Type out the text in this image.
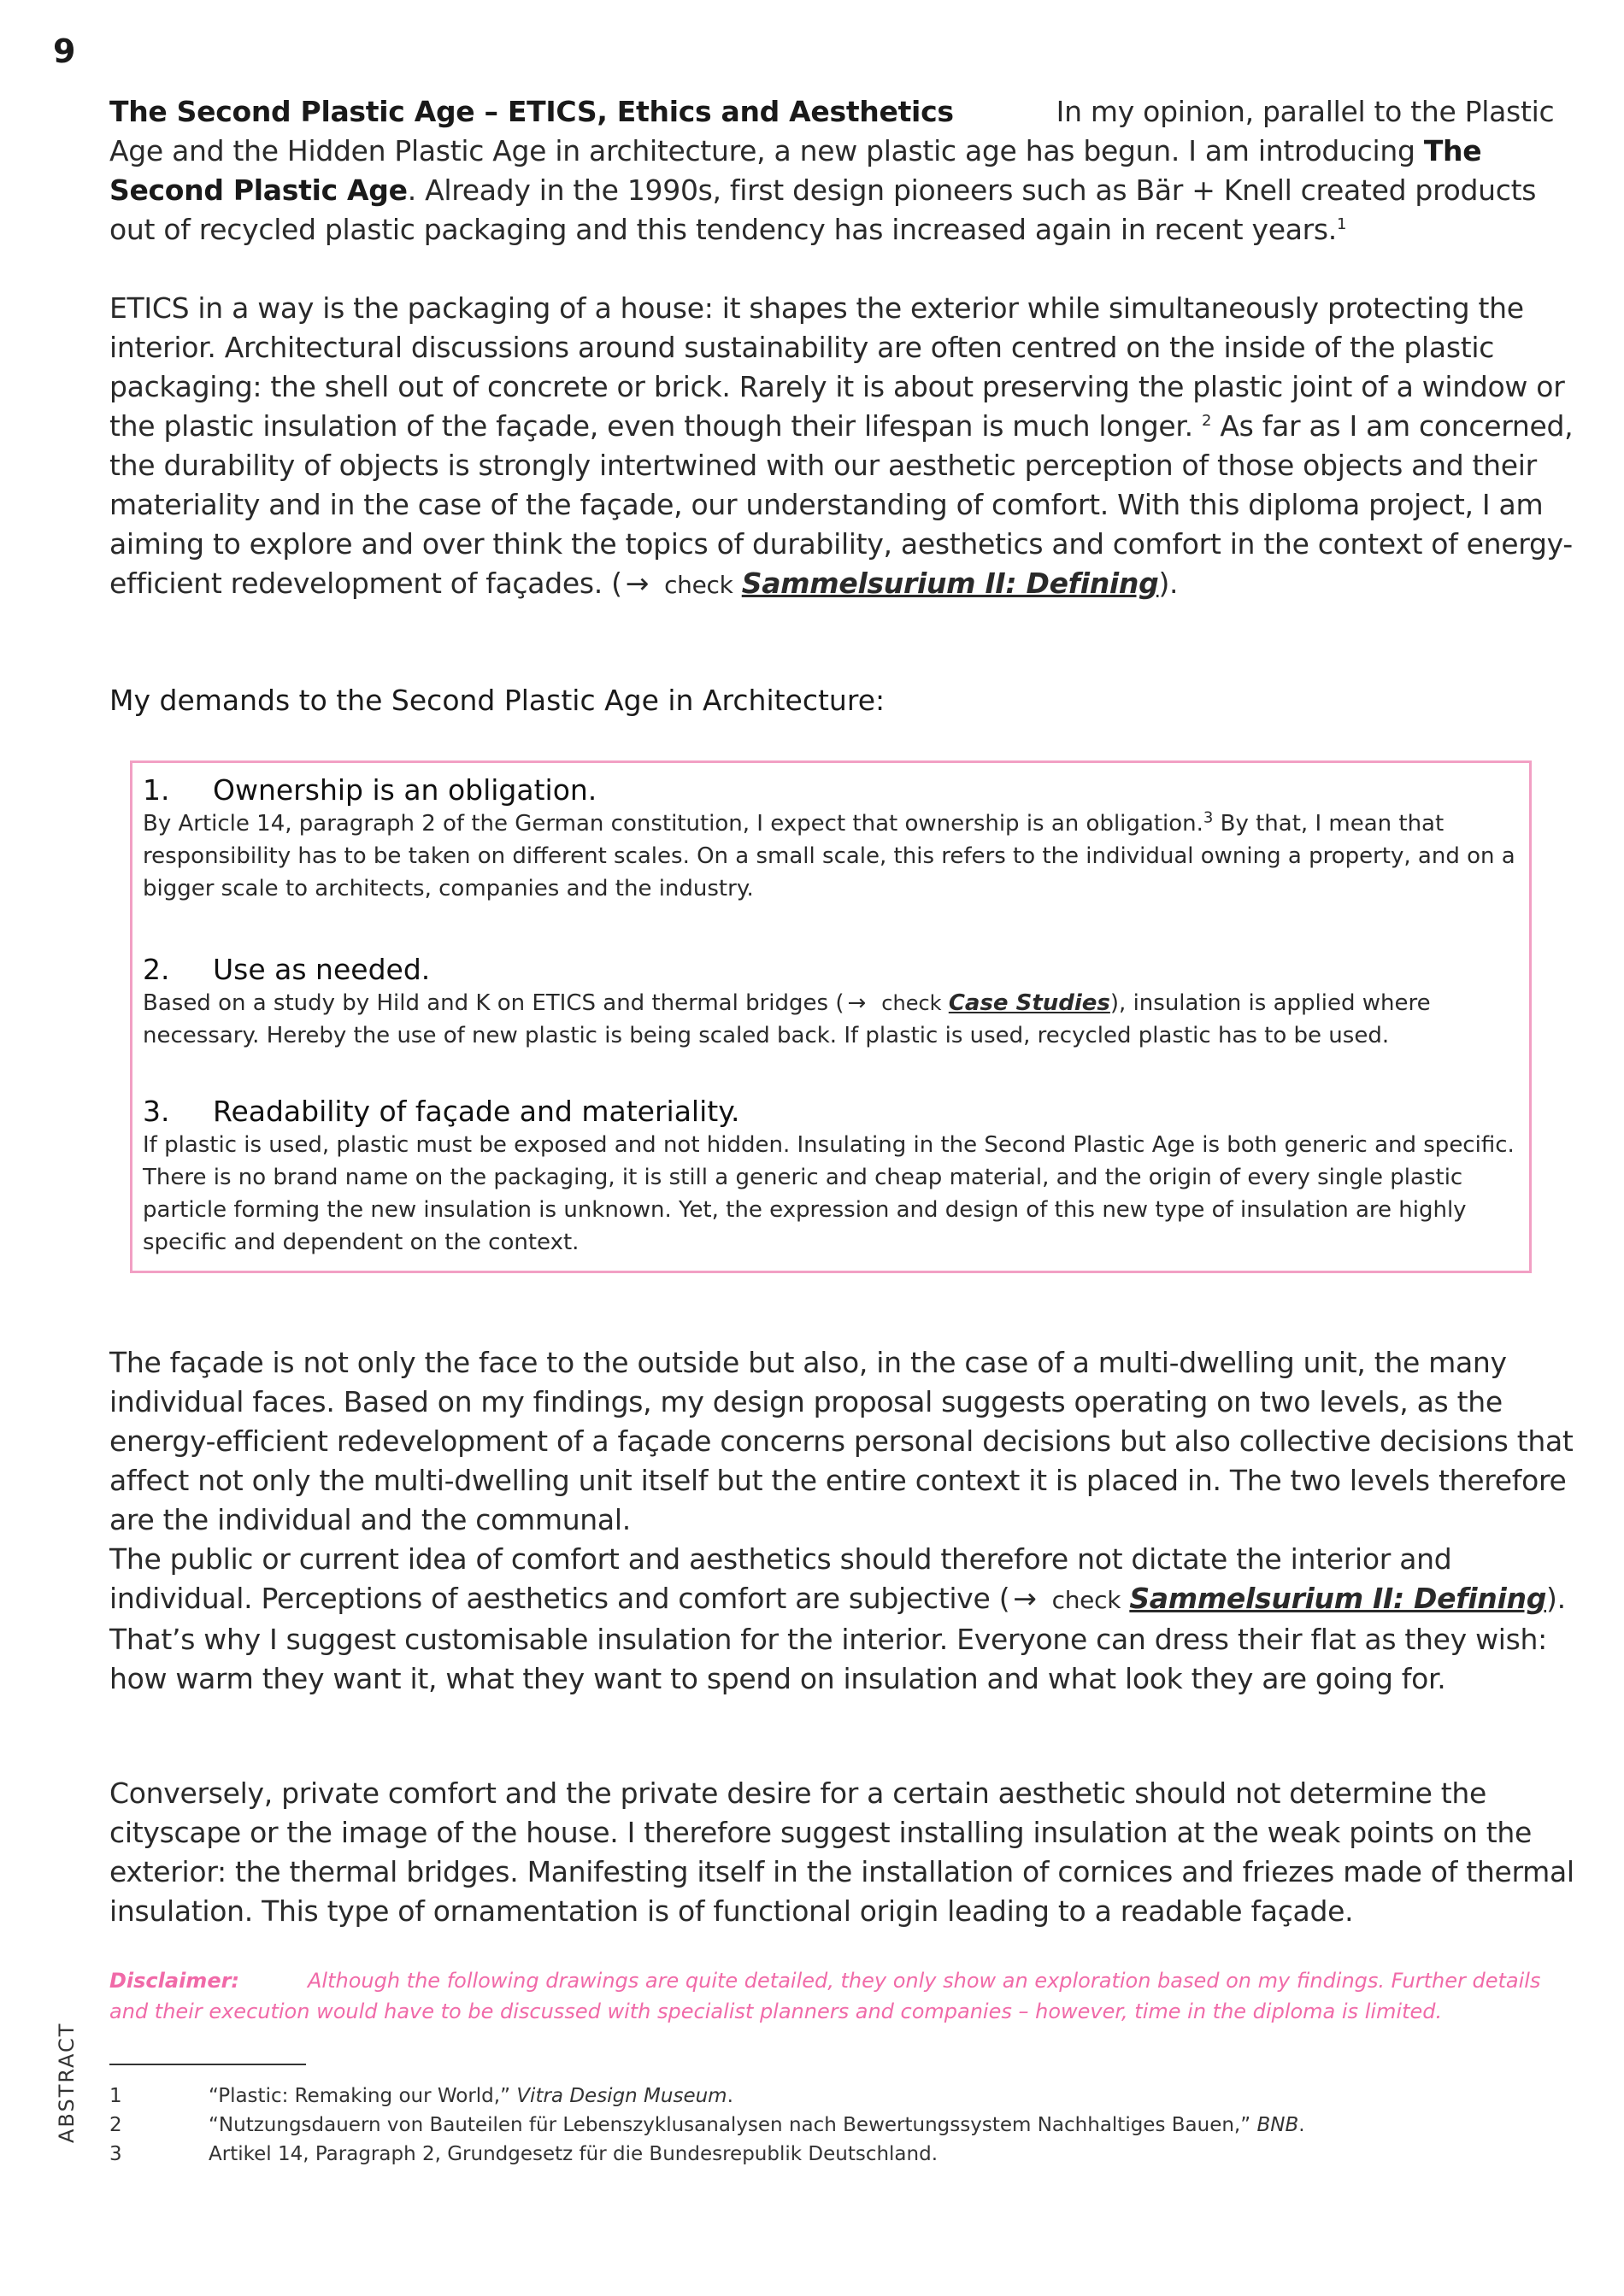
9
The Second Plastic Age – ETICS, Ethics and Aesthetics	In my opinion, parallel to the Plastic Age and the Hidden Plastic Age in architecture, a new plastic age has begun. I am introducing The Second Plastic Age. Already in the 1990s, first design pioneers such as Bär + Knell created products out of recycled plastic packaging and this tendency has increased again in recent years.$^1$
ETICS in a way is the packaging of a house: it shapes the exterior while simultaneously protecting the interior. Architectural discussions around sustainability are often centred on the inside of the plastic packaging: the shell out of concrete or brick. Rarely it is about preserving the plastic joint of a window or the plastic insulation of the façade, even though their lifespan is much longer. $^2$ As far as I am concerned, the durability of objects is strongly intertwined with our aesthetic perception of those objects and their materiality and in the case of the façade, our understanding of comfort. With this diploma project, I am aiming to explore and over think the topics of durability, aesthetics and comfort in the context of energy-efficient redevelopment of façades. ( → check Sammelsurium II: Defining).
My demands to the Second Plastic Age in Architecture:
1. Ownership is an obligation.
By Article 14, paragraph 2 of the German constitution, I expect that ownership is an obligation.$^3$ By that, I mean that responsibility has to be taken on different scales. On a small scale, this refers to the individual owning a property, and on a bigger scale to architects, companies and the industry.
2. Use as needed.
Based on a study by Hild and K on ETICS and thermal bridges ( → check Case Studies), insulation is applied where necessary. Hereby the use of new plastic is being scaled back. If plastic is used, recycled plastic has to be used.
3. Readability of façade and materiality.
If plastic is used, plastic must be exposed and not hidden. Insulating in the Second Plastic Age is both generic and specific. There is no brand name on the packaging, it is still a generic and cheap material, and the origin of every single plastic particle forming the new insulation is unknown. Yet, the expression and design of this new type of insulation are highly specific and dependent on the context.
The façade is not only the face to the outside but also, in the case of a multi-dwelling unit, the many individual faces. Based on my findings, my design proposal suggests operating on two levels, as the energy-efficient redevelopment of a façade concerns personal decisions but also collective decisions that affect not only the multi-dwelling unit itself but the entire context it is placed in. The two levels therefore are the individual and the communal.
The public or current idea of comfort and aesthetics should therefore not dictate the interior and individual. Perceptions of aesthetics and comfort are subjective ( → check Sammelsurium II: Defining). That’s why I suggest customisable insulation for the interior. Everyone can dress their flat as they wish: how warm they want it, what they want to spend on insulation and what look they are going for.
Conversely, private comfort and the private desire for a certain aesthetic should not determine the cityscape or the image of the house. I therefore suggest installing insulation at the weak points on the exterior: the thermal bridges. Manifesting itself in the installation of cornices and friezes made of thermal insulation. This type of ornamentation is of functional origin leading to a readable façade.
Disclaimer:	Although the following drawings are quite detailed, they only show an exploration based on my findings. Further details and their execution would have to be discussed with specialist planners and companies – however, time in the diploma is limited.
ABSTRACT 1	“Plastic: Remaking our World,” Vitra Design Museum.
2	“Nutzungsdauern von Bauteilen für Lebenszyklusanalysen nach Bewertungssystem Nachhaltiges Bauen,” BNB.
3	Artikel 14, Paragraph 2, Grundgesetz für die Bundesrepublik Deutschland.
